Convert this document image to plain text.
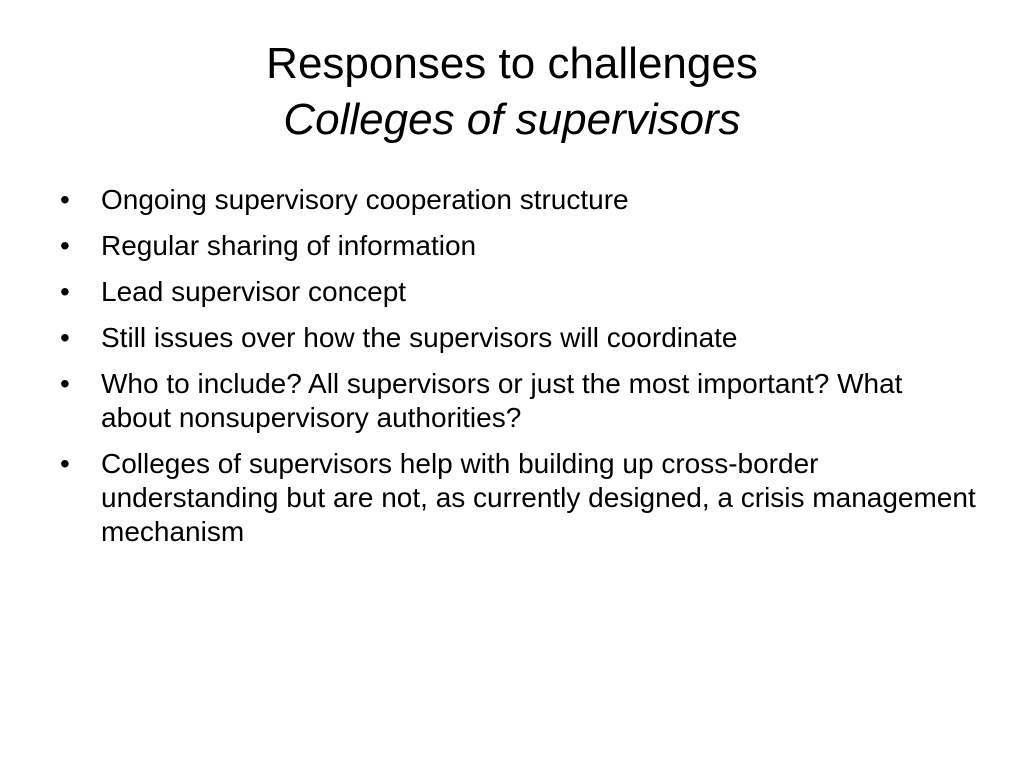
Responses to challenges
Colleges of supervisors
•	Ongoing supervisory cooperation structure
•	Regular sharing of information
•	Lead supervisor concept
•	Still issues over how the supervisors will coordinate
•	Who to include? All supervisors or just the most important? What about nonsupervisory authorities?
•	Colleges of supervisors help with building up cross-border understanding but are not, as currently designed, a crisis management mechanism
